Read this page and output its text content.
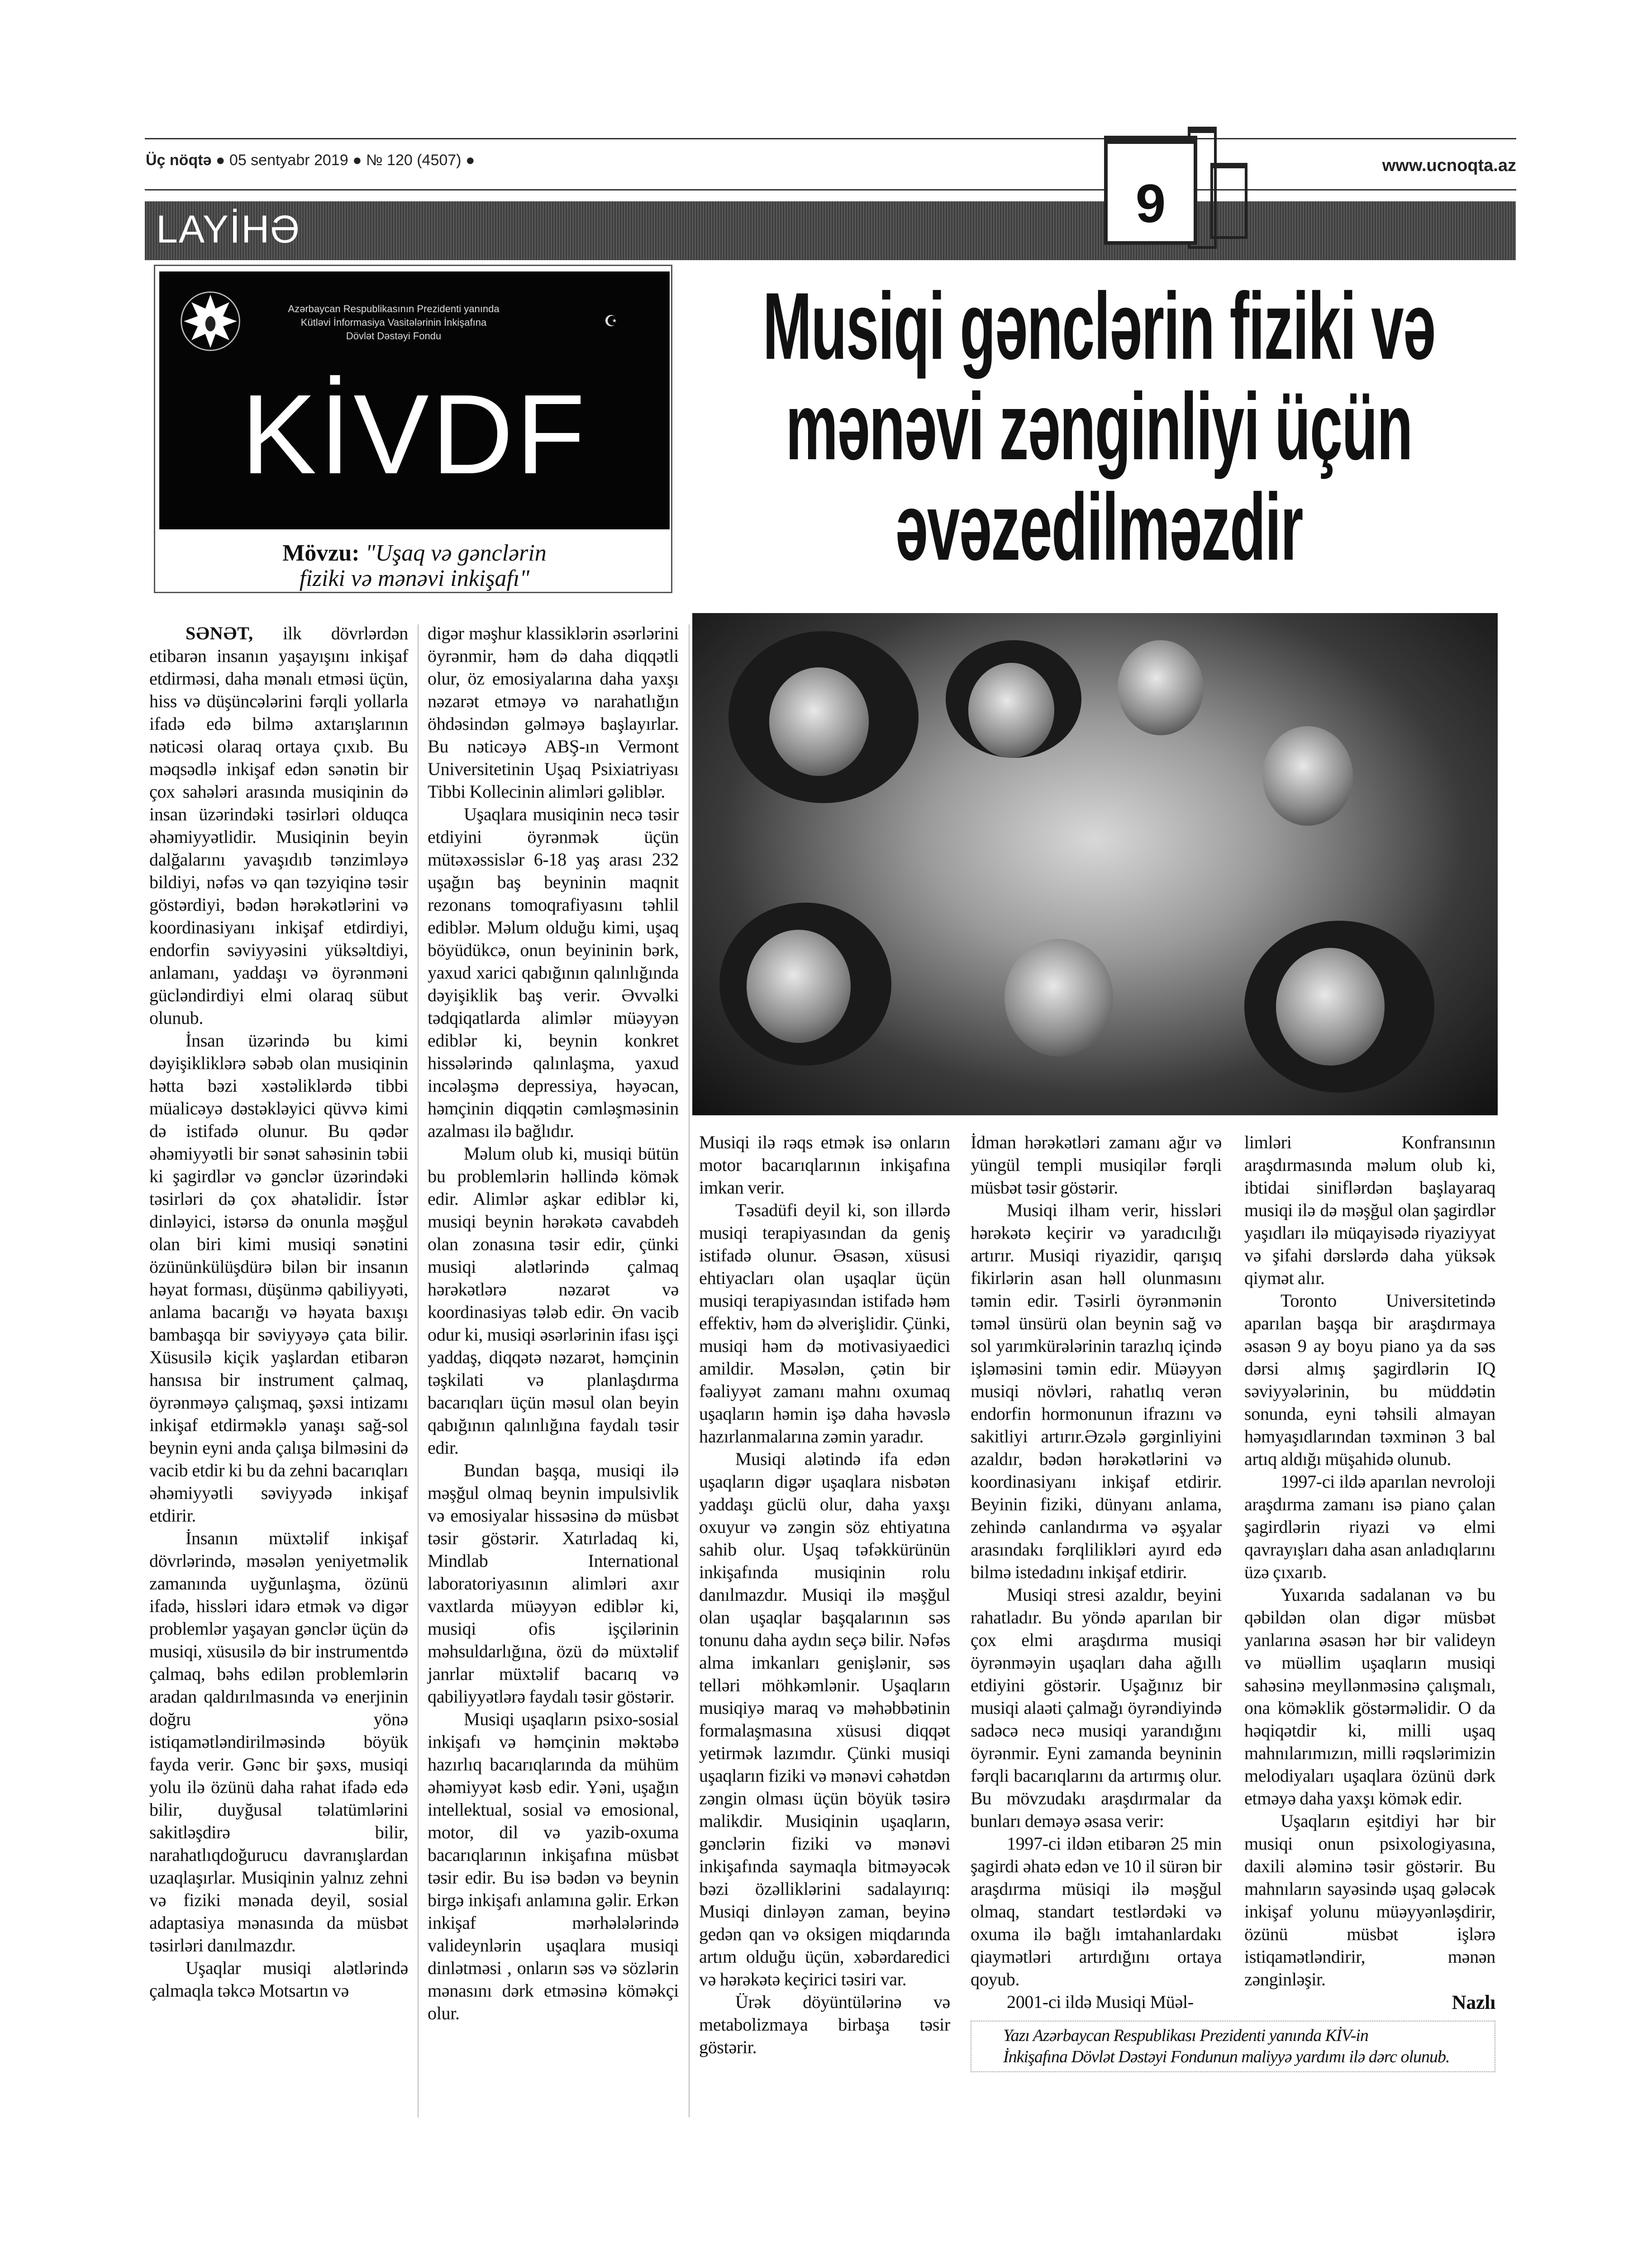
Üç nöqtə ● 05 sentyabr 2019 ● № 120 (4507) ●	www.ucnoqta.az
LAYİHƏ	9
Azərbaycan Respublikasının Prezidenti yanında
Kütləvi İnformasiya Vasitələrinin İnkişafına
Dövlət Dəstəyi Fondu
☪
KİVDF
Mövzu: "Uşaq və gənclərin
fiziki və mənəvi inkişafı"
Musiqi gənclərin fiziki və
mənəvi zənginliyi üçün
əvəzedilməzdir

SƏNƏT, ilk dövrlərdən etibarən insanın yaşayışını inkişaf etdirməsi, daha mənalı etməsi üçün, hiss və düşüncələrini fərqli yollarla ifadə edə bilmə axtarışlarının nəticəsi olaraq ortaya çıxıb. Bu məqsədlə inkişaf edən sənətin bir çox sahələri arasında musiqinin də insan üzərindəki təsirləri olduqca əhəmiyyətlidir. Musiqinin beyin dalğalarını yavaşıdıb tənzimləyə bildiyi, nəfəs və qan təzyiqinə təsir göstərdiyi, bədən hərəkətlərini və koordinasiyanı inkişaf etdirdiyi, endorfin səviyyəsini yüksəltdiyi, anlamanı, yaddaşı və öyrənməni gücləndirdiyi elmi olaraq sübut olunub.

İnsan üzərində bu kimi dəyişikliklərə səbəb olan musiqinin hətta bəzi xəstəliklərdə tibbi müalicəyə dəstəkləyici qüvvə kimi də istifadə olunur. Bu qədər əhəmiyyətli bir sənət sahəsinin təbii ki şagirdlər və gənclər üzərindəki təsirləri də çox əhatəlidir. İstər dinləyici, istərsə də onunla məşğul olan biri kimi musiqi sənətini özününkülüşdürə bilən bir insanın həyat forması, düşünmə qabiliyyəti, anlama bacarığı və həyata baxışı bambaşqa bir səviyyəyə çata bilir. Xüsusilə kiçik yaşlardan etibarən hansısa bir instrument çalmaq, öyrənməyə çalışmaq, şəxsi intizamı inkişaf etdirməklə yanaşı sağ-sol beynin eyni anda çalışa bilməsini də vacib etdir ki bu da zehni bacarıqları əhəmiyyətli səviyyədə inkişaf etdirir.

İnsanın müxtəlif inkişaf dövrlərində, məsələn yeniyetməlik zamanında uyğunlaşma, özünü ifadə, hissləri idarə etmək və digər problemlər yaşayan gənclər üçün də musiqi, xüsusilə də bir instrumentdə çalmaq, bəhs edilən problemlərin aradan qaldırılmasında və enerjinin doğru yönə istiqamətləndirilməsində böyük fayda verir. Gənc bir şəxs, musiqi yolu ilə özünü daha rahat ifadə edə bilir, duyğusal təlatümlərini sakitləşdirə bilir, narahatlıqdoğurucu davranışlardan uzaqlaşırlar. Musiqinin yalnız zehni və fiziki mənada deyil, sosial adaptasiya mənasında da müsbət təsirləri danılmazdır.

Uşaqlar musiqi alətlərində çalmaqla təkcə Motsartın və

digər məşhur klassiklərin əsərlərini öyrənmir, həm də daha diqqətli olur, öz emosiyalarına daha yaxşı nəzarət etməyə və narahatlığın öhdəsindən gəlməyə başlayırlar. Bu nəticəyə ABŞ-ın Vermont Universitetinin Uşaq Psixiatriyası Tibbi Kollecinin alimləri gəliblər.

Uşaqlara musiqinin necə təsir etdiyini öyrənmək üçün mütəxəssislər 6-18 yaş arası 232 uşağın baş beyninin maqnit rezonans tomoqrafiyasını təhlil ediblər. Məlum olduğu kimi, uşaq böyüdükcə, onun beyininin bərk, yaxud xarici qabığının qalınlığında dəyişiklik baş verir. Əvvəlki tədqiqatlarda alimlər müəyyən ediblər ki, beynin konkret hissələrində qalınlaşma, yaxud incələşmə depressiya, həyəcan, həmçinin diqqətin cəmləşməsinin azalması ilə bağlıdır.

Məlum olub ki, musiqi bütün bu problemlərin həllində kömək edir. Alimlər aşkar ediblər ki, musiqi beynin hərəkətə cavabdeh olan zonasına təsir edir, çünki musiqi alətlərində çalmaq hərəkətlərə nəzarət və koordinasiyas tələb edir. Ən vacib odur ki, musiqi əsərlərinin ifası işçi yaddaş, diqqətə nəzarət, həmçinin təşkilati və planlaşdırma bacarıqları üçün məsul olan beyin qabığının qalınlığına faydalı təsir edir.

Bundan başqa, musiqi ilə məşğul olmaq beynin impulsivlik və emosiyalar hissəsinə də müsbət təsir göstərir. Xatırladaq ki, Mindlab International laboratoriyasının alimləri axır vaxtlarda müəyyən ediblər ki, musiqi ofis işçilərinin məhsuldarlığına, özü də müxtəlif janrlar müxtəlif bacarıq və qabiliyyətlərə faydalı təsir göstərir.

Musiqi uşaqların psixo-sosial inkişafı və həmçinin məktəbə hazırlıq bacarıqlarında da mühüm əhəmiyyət kəsb edir. Yəni, uşağın intellektual, sosial və emosional, motor, dil və yazib-oxuma bacarıqlarının inkişafına müsbət təsir edir. Bu isə bədən və beynin birgə inkişafı anlamına gəlir. Erkən inkişaf mərhələlərində valideynlərin uşaqlara musiqi dinlətməsi , onların səs və sözlərin mənasını dərk etməsinə köməkçi olur.

Musiqi ilə rəqs etmək isə onların motor bacarıqlarının inkişafına imkan verir.

Təsadüfi deyil ki, son illərdə musiqi terapiyasından da geniş istifadə olunur. Əsasən, xüsusi ehtiyacları olan uşaqlar üçün musiqi terapiyasından istifadə həm effektiv, həm də əlverişlidir. Çünki, musiqi həm də motivasiyaedici amildir. Məsələn, çətin bir fəaliyyət zamanı mahnı oxumaq uşaqların həmin işə daha həvəslə hazırlanmalarına zəmin yaradır.

Musiqi alətində ifa edən uşaqların digər uşaqlara nisbətən yaddaşı güclü olur, daha yaxşı oxuyur və zəngin söz ehtiyatına sahib olur. Uşaq təfəkkürünün inkişafında musiqinin rolu danılmazdır. Musiqi ilə məşğul olan uşaqlar başqalarının səs tonunu daha aydın seçə bilir. Nəfəs alma imkanları genişlənir, səs telləri möhkəmlənir. Uşaqların musiqiyə maraq və məhəbbətinin formalaşmasına xüsusi diqqət yetirmək lazımdır. Çünki musiqi uşaqların fiziki və mənəvi cəhətdən zəngin olması üçün böyük təsirə malikdir. Musiqinin uşaqların, gənclərin fiziki və mənəvi inkişafında saymaqla bitməyəcək bəzi özəlliklərini sadalayırıq: Musiqi dinləyən zaman, beyinə gedən qan və oksigen miqdarında artım olduğu üçün, xəbərdaredici və hərəkətə keçirici təsiri var.

Ürək döyüntülərinə və metabolizmaya birbaşa təsir göstərir.

İdman hərəkətləri zamanı ağır və yüngül templi musiqilər fərqli müsbət təsir göstərir.

Musiqi ilham verir, hissləri hərəkətə keçirir və yaradıcılığı artırır. Musiqi riyazidir, qarışıq fikirlərin asan həll olunmasını təmin edir. Təsirli öyrənmənin təməl ünsürü olan beynin sağ və sol yarımkürələrinin tarazlıq içində işləməsini təmin edir. Müəyyən musiqi növləri, rahatlıq verən endorfin hormonunun ifrazını və sakitliyi artırır.Əzələ gərginliyini azaldır, bədən hərəkətlərini və koordinasiyanı inkişaf etdirir. Beyinin fiziki, dünyanı anlama, zehində canlandırma və əşyalar arasındakı fərqlilikləri ayırd edə bilmə istedadını inkişaf etdirir.

Musiqi stresi azaldır, beyini rahatladır. Bu yöndə aparılan bir çox elmi araşdırma musiqi öyrənməyin uşaqları daha ağıllı etdiyini göstərir. Uşağınız bir musiqi alaəti çalmağı öyrəndiyində sadəcə necə musiqi yarandığını öyrənmir. Eyni zamanda beyninin fərqli bacarıqlarını da artırmış olur. Bu mövzudakı araşdırmalar da bunları deməyə əsasa verir:

1997-ci ildən etibarən 25 min şagirdi əhatə edən ve 10 il sürən bir araşdırma müsiqi ilə məşğul olmaq, standart testlərdəki və oxuma ilə bağlı imtahanlardakı qiaymətləri artırdığını ortaya qoyub.

2001-ci ildə Musiqi Müəl-

limləri Konfransının araşdırmasında məlum olub ki, ibtidai siniflərdən başlayaraq musiqi ilə də məşğul olan şagirdlər yaşıdları ilə müqayisədə riyaziyyat və şifahi dərslərdə daha yüksək qiymət alır.

Toronto Universitetində aparılan başqa bir araşdırmaya əsasən 9 ay boyu piano ya da səs dərsi almış şagirdlərin IQ səviyyələrinin, bu müddətin sonunda, eyni təhsili almayan həmyaşıdlarından təxminən 3 bal artıq aldığı müşahidə olunub.

1997-ci ildə aparılan nevroloji araşdırma zamanı isə piano çalan şagirdlərin riyazi və elmi qavrayışları daha asan anladıqlarını üzə çıxarıb.

Yuxarıda sadalanan və bu qəbildən olan digər müsbət yanlarına əsasən hər bir valideyn və müəllim uşaqların musiqi sahəsinə meyllənməsinə çalışmalı, ona köməklik göstərməlidir. O da həqiqətdir ki, milli uşaq mahnılarımızın, milli rəqslərimizin melodiyaları uşaqlara özünü dərk etməyə daha yaxşı kömək edir.

Uşaqların eşitdiyi hər bir musiqi onun psixologiyasına, daxili aləminə təsir göstərir. Bu mahnıların sayəsində uşaq gələcək inkişaf yolunu müəyyənləşdirir, özünü müsbət işlərə istiqamətləndirir, mənən zənginləşir.

Nazlı
Yazı Azərbaycan Respublikası Prezidenti yanında KİV-in
İnkişafına Dövlət Dəstəyi Fondunun maliyyə yardımı ilə dərc olunub.
